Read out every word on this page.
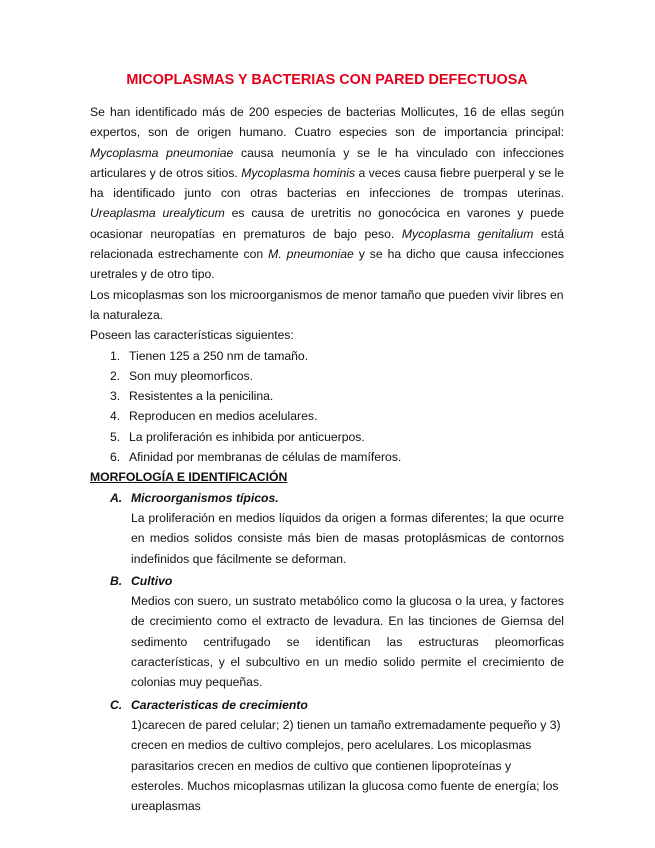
MICOPLASMAS Y BACTERIAS CON PARED DEFECTUOSA

Se han identificado más de 200 especies de bacterias Mollicutes, 16 de ellas según expertos, son de origen humano. Cuatro especies son de importancia principal: Mycoplasma pneumoniae causa neumonía y se le ha vinculado con infecciones articulares y de otros sitios. Mycoplasma hominis a veces causa fiebre puerperal y se le ha identificado junto con otras bacterias en infecciones de trompas uterinas. Ureaplasma urealyticum es causa de uretritis no gonocócica en varones y puede ocasionar neuropatías en prematuros de bajo peso. Mycoplasma genitalium está relacionada estrechamente con M. pneumoniae y se ha dicho que causa infecciones uretrales y de otro tipo.

Los micoplasmas son los microorganismos de menor tamaño que pueden vivir libres en la naturaleza.

Poseen las características siguientes:

1. Tienen 125 a 250 nm de tamaño.
2. Son muy pleomorficos.
3. Resistentes a la penicilina.
4. Reproducen en medios acelulares.
5. La proliferación es inhibida por anticuerpos.
6. Afinidad por membranas de células de mamíferos.

MORFOLOGÍA E IDENTIFICACIÓN

A. Microorganismos típicos.

La proliferación en medios líquidos da origen a formas diferentes; la que ocurre en medios solidos consiste más bien de masas protoplásmicas de contornos indefinidos que fácilmente se deforman.

B. Cultivo

Medios con suero, un sustrato metabólico como la glucosa o la urea, y factores de crecimiento como el extracto de levadura. En las tinciones de Giemsa del sedimento centrifugado se identifican las estructuras pleomorficas características, y el subcultivo en un medio solido permite el crecimiento de colonias muy pequeñas.

C. Caracteristicas de crecimiento

1)carecen de pared celular; 2) tienen un tamaño extremadamente pequeño y 3) crecen en medios de cultivo complejos, pero acelulares. Los micoplasmas parasitarios crecen en medios de cultivo que contienen lipoproteínas y esteroles. Muchos micoplasmas utilizan la glucosa como fuente de energía; los ureaplasmas
